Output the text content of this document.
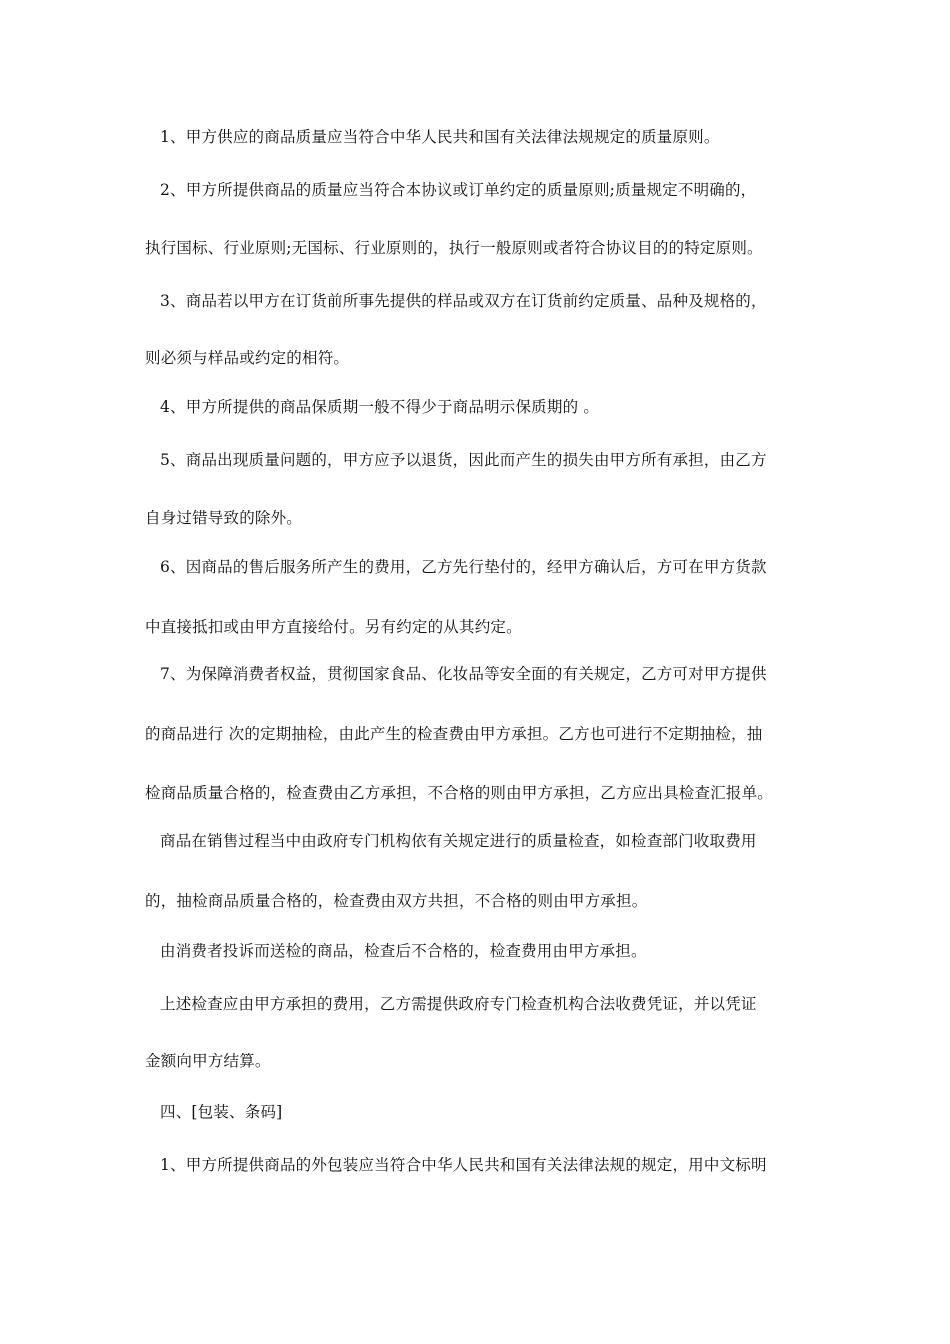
1、甲方供应的商品质量应当符合中华人民共和国有关法律法规规定的质量原则。
2、甲方所提供商品的质量应当符合本协议或订单约定的质量原则;质量规定不明确的，
执行国标、行业原则;无国标、行业原则的，执行一般原则或者符合协议目的的特定原则。
3、商品若以甲方在订货前所事先提供的样品或双方在订货前约定质量、品种及规格的，
则必须与样品或约定的相符。
4、甲方所提供的商品保质期一般不得少于商品明示保质期的 。
5、商品出现质量问题的，甲方应予以退货，因此而产生的损失由甲方所有承担，由乙方
自身过错导致的除外。
6、因商品的售后服务所产生的费用，乙方先行垫付的，经甲方确认后，方可在甲方货款
中直接抵扣或由甲方直接给付。另有约定的从其约定。
7、为保障消费者权益，贯彻国家食品、化妆品等安全面的有关规定，乙方可对甲方提供
的商品进行 次的定期抽检，由此产生的检查费由甲方承担。乙方也可进行不定期抽检，抽
检商品质量合格的，检查费由乙方承担，不合格的则由甲方承担，乙方应出具检查汇报单。
商品在销售过程当中由政府专门机构依有关规定进行的质量检查，如检查部门收取费用
的，抽检商品质量合格的，检查费由双方共担，不合格的则由甲方承担。
由消费者投诉而送检的商品，检查后不合格的，检查费用由甲方承担。
上述检查应由甲方承担的费用，乙方需提供政府专门检查机构合法收费凭证，并以凭证
金额向甲方结算。
四、[包装、条码]
1、甲方所提供商品的外包装应当符合中华人民共和国有关法律法规的规定，用中文标明
